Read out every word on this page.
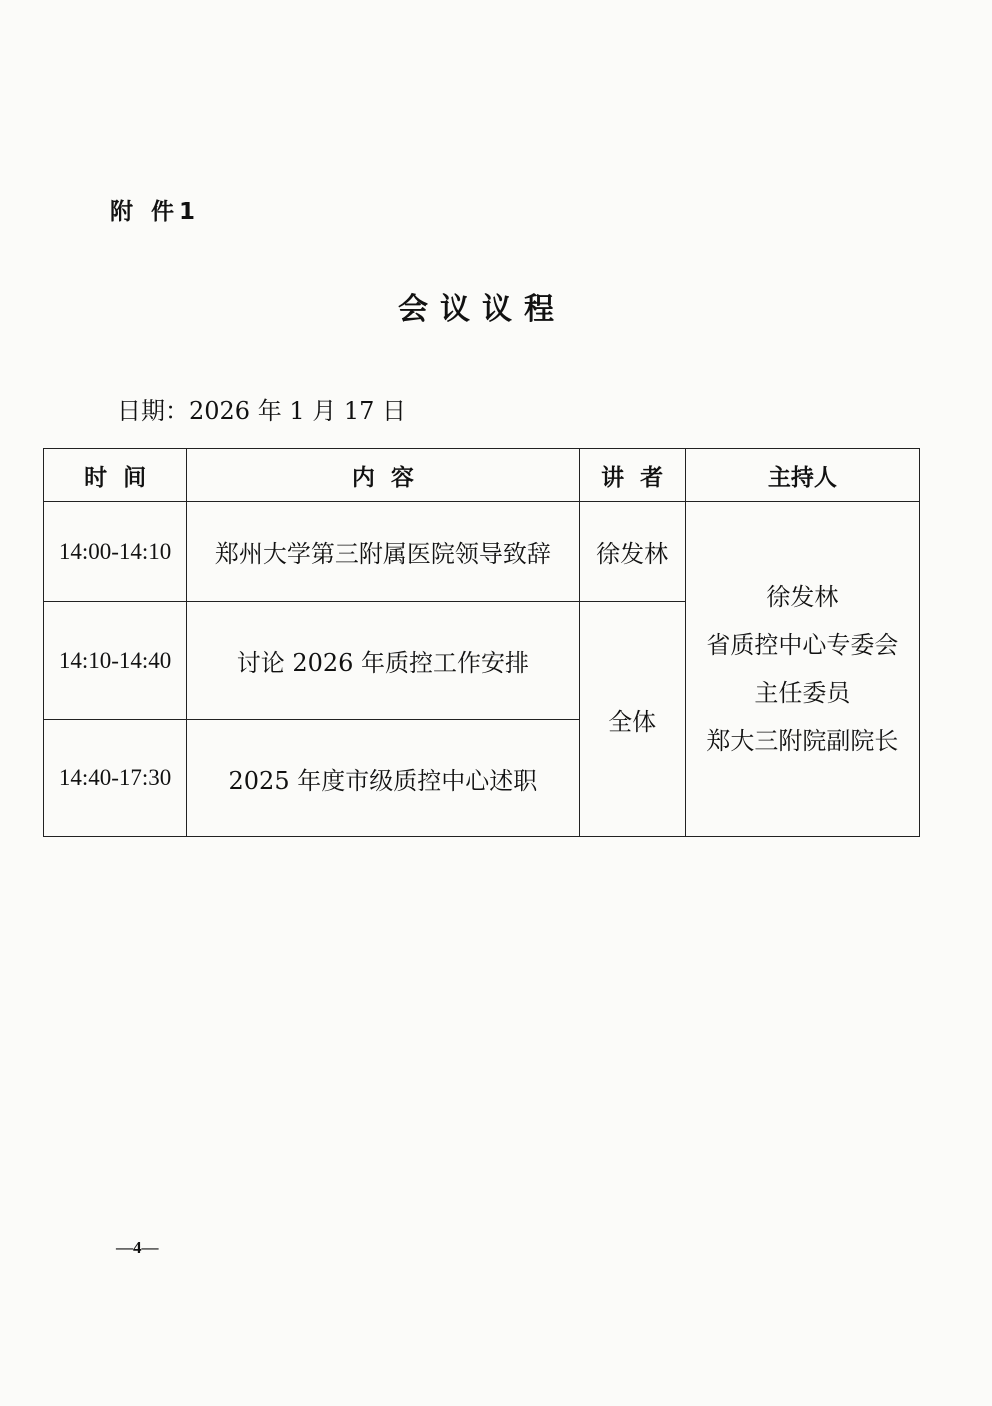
附 件1
会议议程
日期：2026 年 1 月 17 日
时  间	内  容	讲  者	主持人
14:00-14:10	郑州大学第三附属医院领导致辞	徐发林	徐发林
省质控中心专委会
主任委员
郑大三附院副院长

14:10-14:40	讨论 2026 年质控工作安排	全体	
14:40-17:30	2025 年度市级质控中心述职		
—4—
